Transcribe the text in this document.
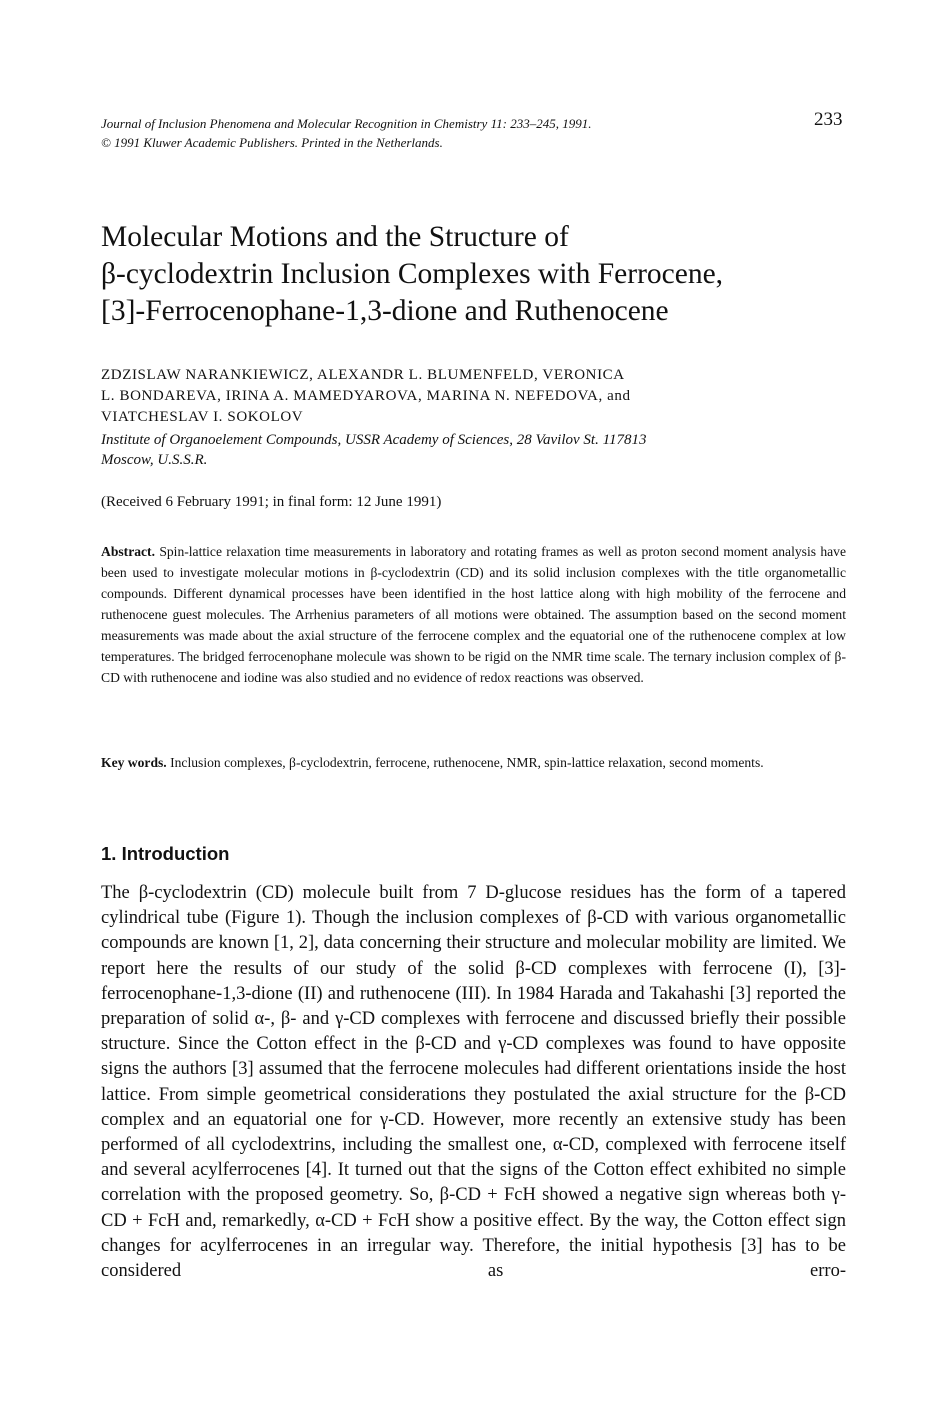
Journal of Inclusion Phenomena and Molecular Recognition in Chemistry 11: 233–245, 1991.
© 1991 Kluwer Academic Publishers. Printed in the Netherlands.
233
Molecular Motions and the Structure of
β-cyclodextrin Inclusion Complexes with Ferrocene,
[3]-Ferrocenophane-1,3-dione and Ruthenocene
ZDZISLAW NARANKIEWICZ, ALEXANDR L. BLUMENFELD, VERONICA
L. BONDAREVA, IRINA A. MAMEDYAROVA, MARINA N. NEFEDOVA, and
VIATCHESLAV I. SOKOLOV
Institute of Organoelement Compounds, USSR Academy of Sciences, 28 Vavilov St. 117813
Moscow, U.S.S.R.
(Received 6 February 1991; in final form: 12 June 1991)

Abstract. Spin-lattice relaxation time measurements in laboratory and rotating frames as well as proton second moment analysis have been used to investigate molecular motions in β-cyclodextrin (CD) and its solid inclusion complexes with the title organometallic compounds. Different dynamical processes have been identified in the host lattice along with high mobility of the ferrocene and ruthenocene guest molecules. The Arrhenius parameters of all motions were obtained. The assumption based on the second moment measurements was made about the axial structure of the ferrocene complex and the equatorial one of the ruthenocene complex at low temperatures. The bridged ferrocenophane molecule was shown to be rigid on the NMR time scale. The ternary inclusion complex of β-CD with ruthenocene and iodine was also studied and no evidence of redox reactions was observed.

Key words. Inclusion complexes, β-cyclodextrin, ferrocene, ruthenocene, NMR, spin-lattice relaxation, second moments.

1. Introduction

The β-cyclodextrin (CD) molecule built from 7 D-glucose residues has the form of a tapered cylindrical tube (Figure 1). Though the inclusion complexes of β-CD with various organometallic compounds are known [1, 2], data concerning their structure and molecular mobility are limited. We report here the results of our study of the solid β-CD complexes with ferrocene (I), [3]-ferrocenophane-1,3-dione (II) and ruthenocene (III). In 1984 Harada and Takahashi [3] reported the preparation of solid α-, β- and γ-CD complexes with ferrocene and discussed briefly their possible structure. Since the Cotton effect in the β-CD and γ-CD complexes was found to have opposite signs the authors [3] assumed that the ferrocene molecules had different orientations inside the host lattice. From simple geometrical considerations they postulated the axial structure for the β-CD complex and an equatorial one for γ-CD. However, more recently an extensive study has been performed of all cyclodextrins, including the smallest one, α-CD, complexed with ferrocene itself and several acylferrocenes [4]. It turned out that the signs of the Cotton effect exhibited no simple correlation with the proposed geometry. So, β-CD + FcH showed a negative sign whereas both γ-CD + FcH and, remarkedly, α-CD + FcH show a positive effect. By the way, the Cotton effect sign changes for acylferrocenes in an irregular way. Therefore, the initial hypothesis [3] has to be considered as erro-
